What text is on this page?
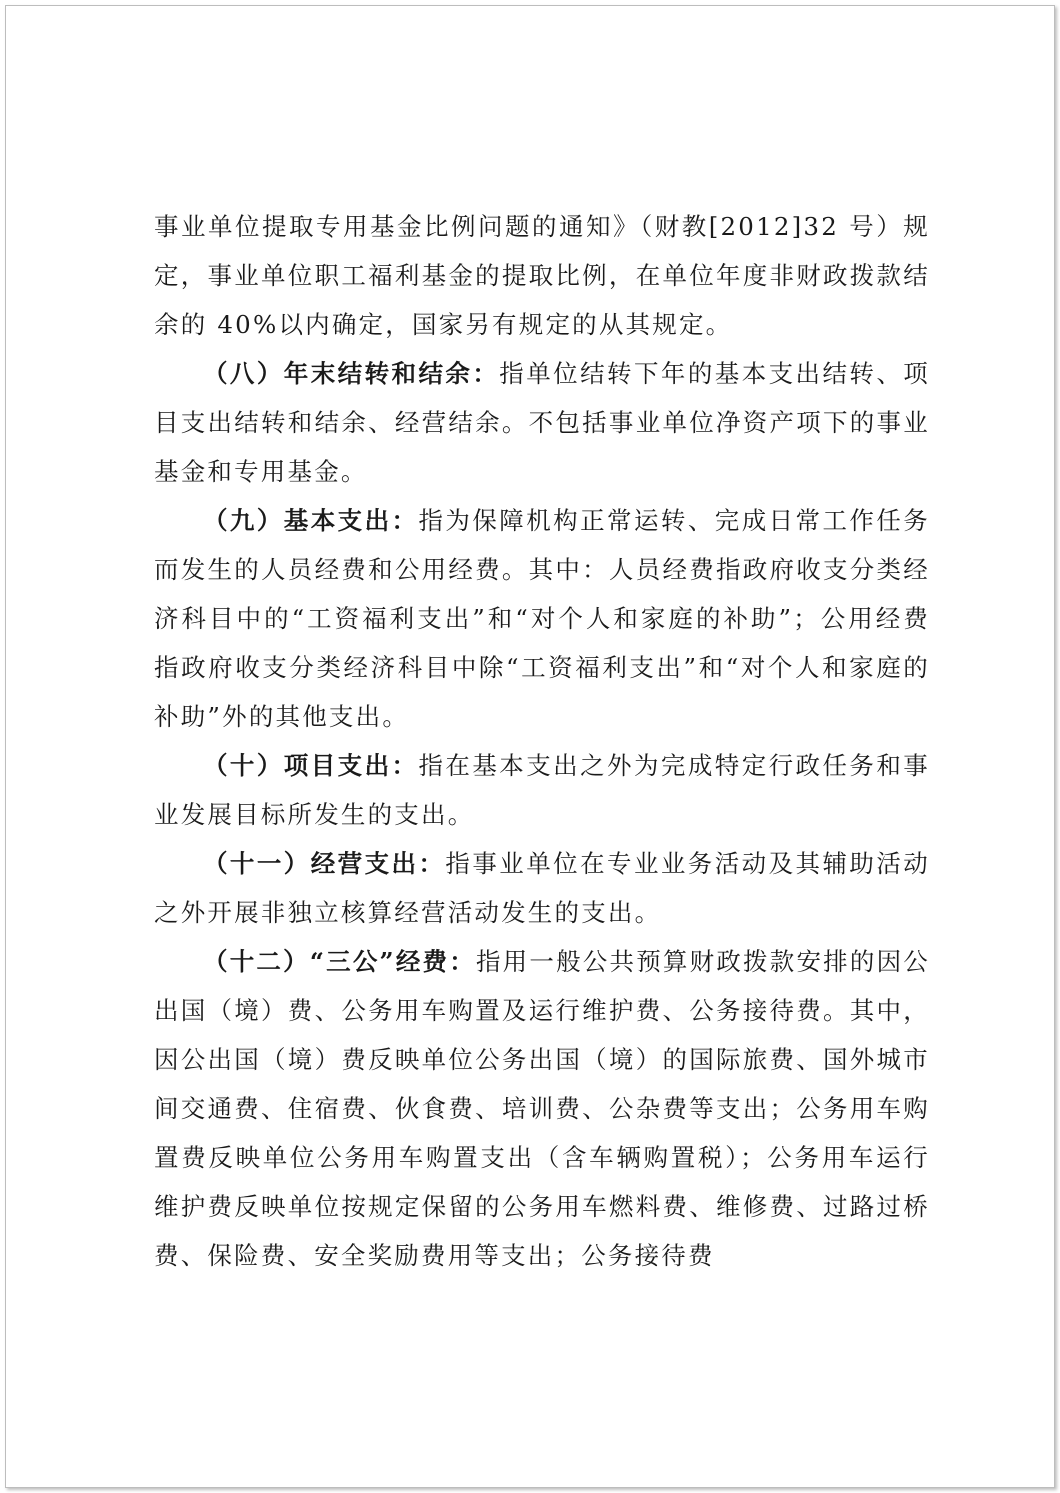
事业单位提取专用基金比例问题的通知》（财教[2012]32 号）规定，事业单位职工福利基金的提取比例，在单位年度非财政拨款结余的 40%以内确定，国家另有规定的从其规定。

（八）年末结转和结余：指单位结转下年的基本支出结转、项目支出结转和结余、经营结余。不包括事业单位净资产项下的事业基金和专用基金。

（九）基本支出：指为保障机构正常运转、完成日常工作任务而发生的人员经费和公用经费。其中：人员经费指政府收支分类经济科目中的“工资福利支出”和“对个人和家庭的补助”；公用经费指政府收支分类经济科目中除“工资福利支出”和“对个人和家庭的补助”外的其他支出。

（十）项目支出：指在基本支出之外为完成特定行政任务和事业发展目标所发生的支出。

（十一）经营支出：指事业单位在专业业务活动及其辅助活动之外开展非独立核算经营活动发生的支出。

（十二）“三公”经费：指用一般公共预算财政拨款安排的因公出国（境）费、公务用车购置及运行维护费、公务接待费。其中，因公出国（境）费反映单位公务出国（境）的国际旅费、国外城市间交通费、住宿费、伙食费、培训费、公杂费等支出；公务用车购置费反映单位公务用车购置支出（含车辆购置税）；公务用车运行维护费反映单位按规定保留的公务用车燃料费、维修费、过路过桥费、保险费、安全奖励费用等支出；公务接待费
